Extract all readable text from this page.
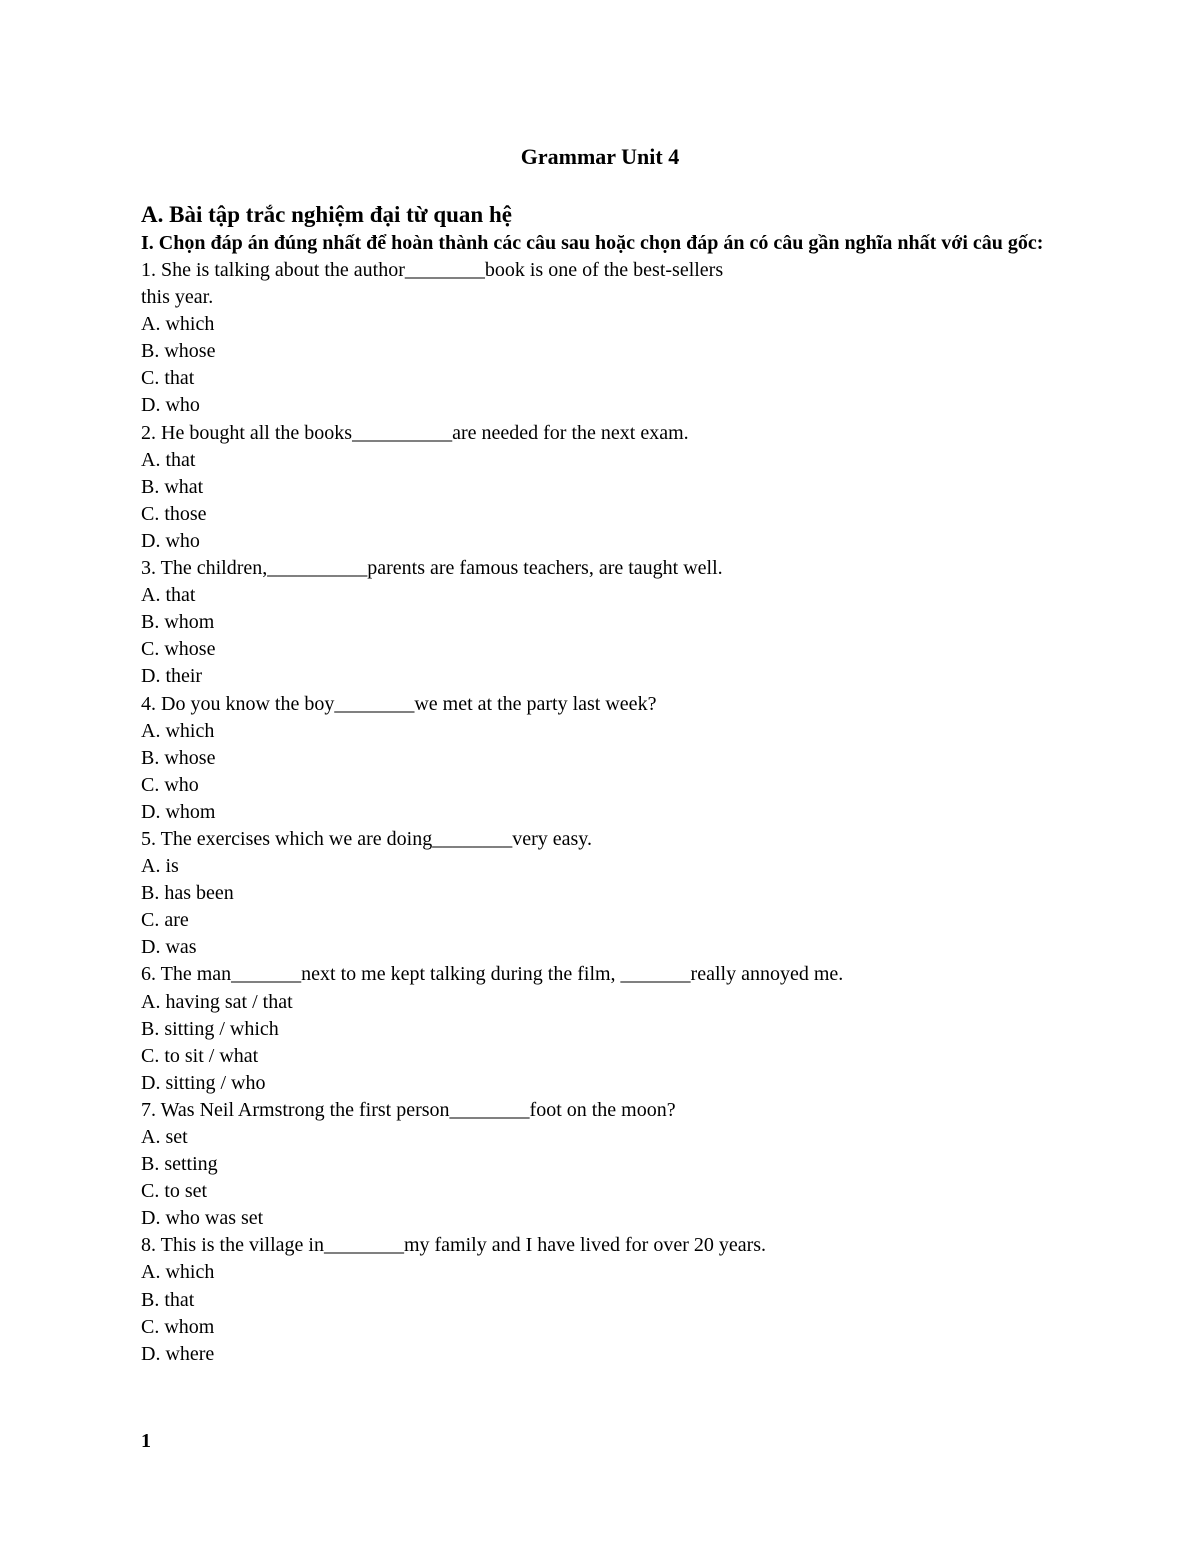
Grammar Unit 4
A. Bài tập trắc nghiệm đại từ quan hệ
I. Chọn đáp án đúng nhất để hoàn thành các câu sau hoặc chọn đáp án có câu gần nghĩa nhất với câu gốc:
1. She is talking about the author________book is one of the best-sellers
this year.
A. which
B. whose
C. that
D. who
2. He bought all the books__________are needed for the next exam.
A. that
B. what
C. those
D. who
3. The children,__________parents are famous teachers, are taught well.
A. that
B. whom
C. whose
D. their
4. Do you know the boy________we met at the party last week?
A. which
B. whose
C. who
D. whom
5. The exercises which we are doing________very easy.
A. is
B. has been
C. are
D. was
6. The man_______next to me kept talking during the film, _______really annoyed me.
A. having sat / that
B. sitting / which
C. to sit / what
D. sitting / who
7. Was Neil Armstrong the first person________foot on the moon?
A. set
B. setting
C. to set
D. who was set
8. This is the village in________my family and I have lived for over 20 years.
A. which
B. that
C. whom
D. where
1
